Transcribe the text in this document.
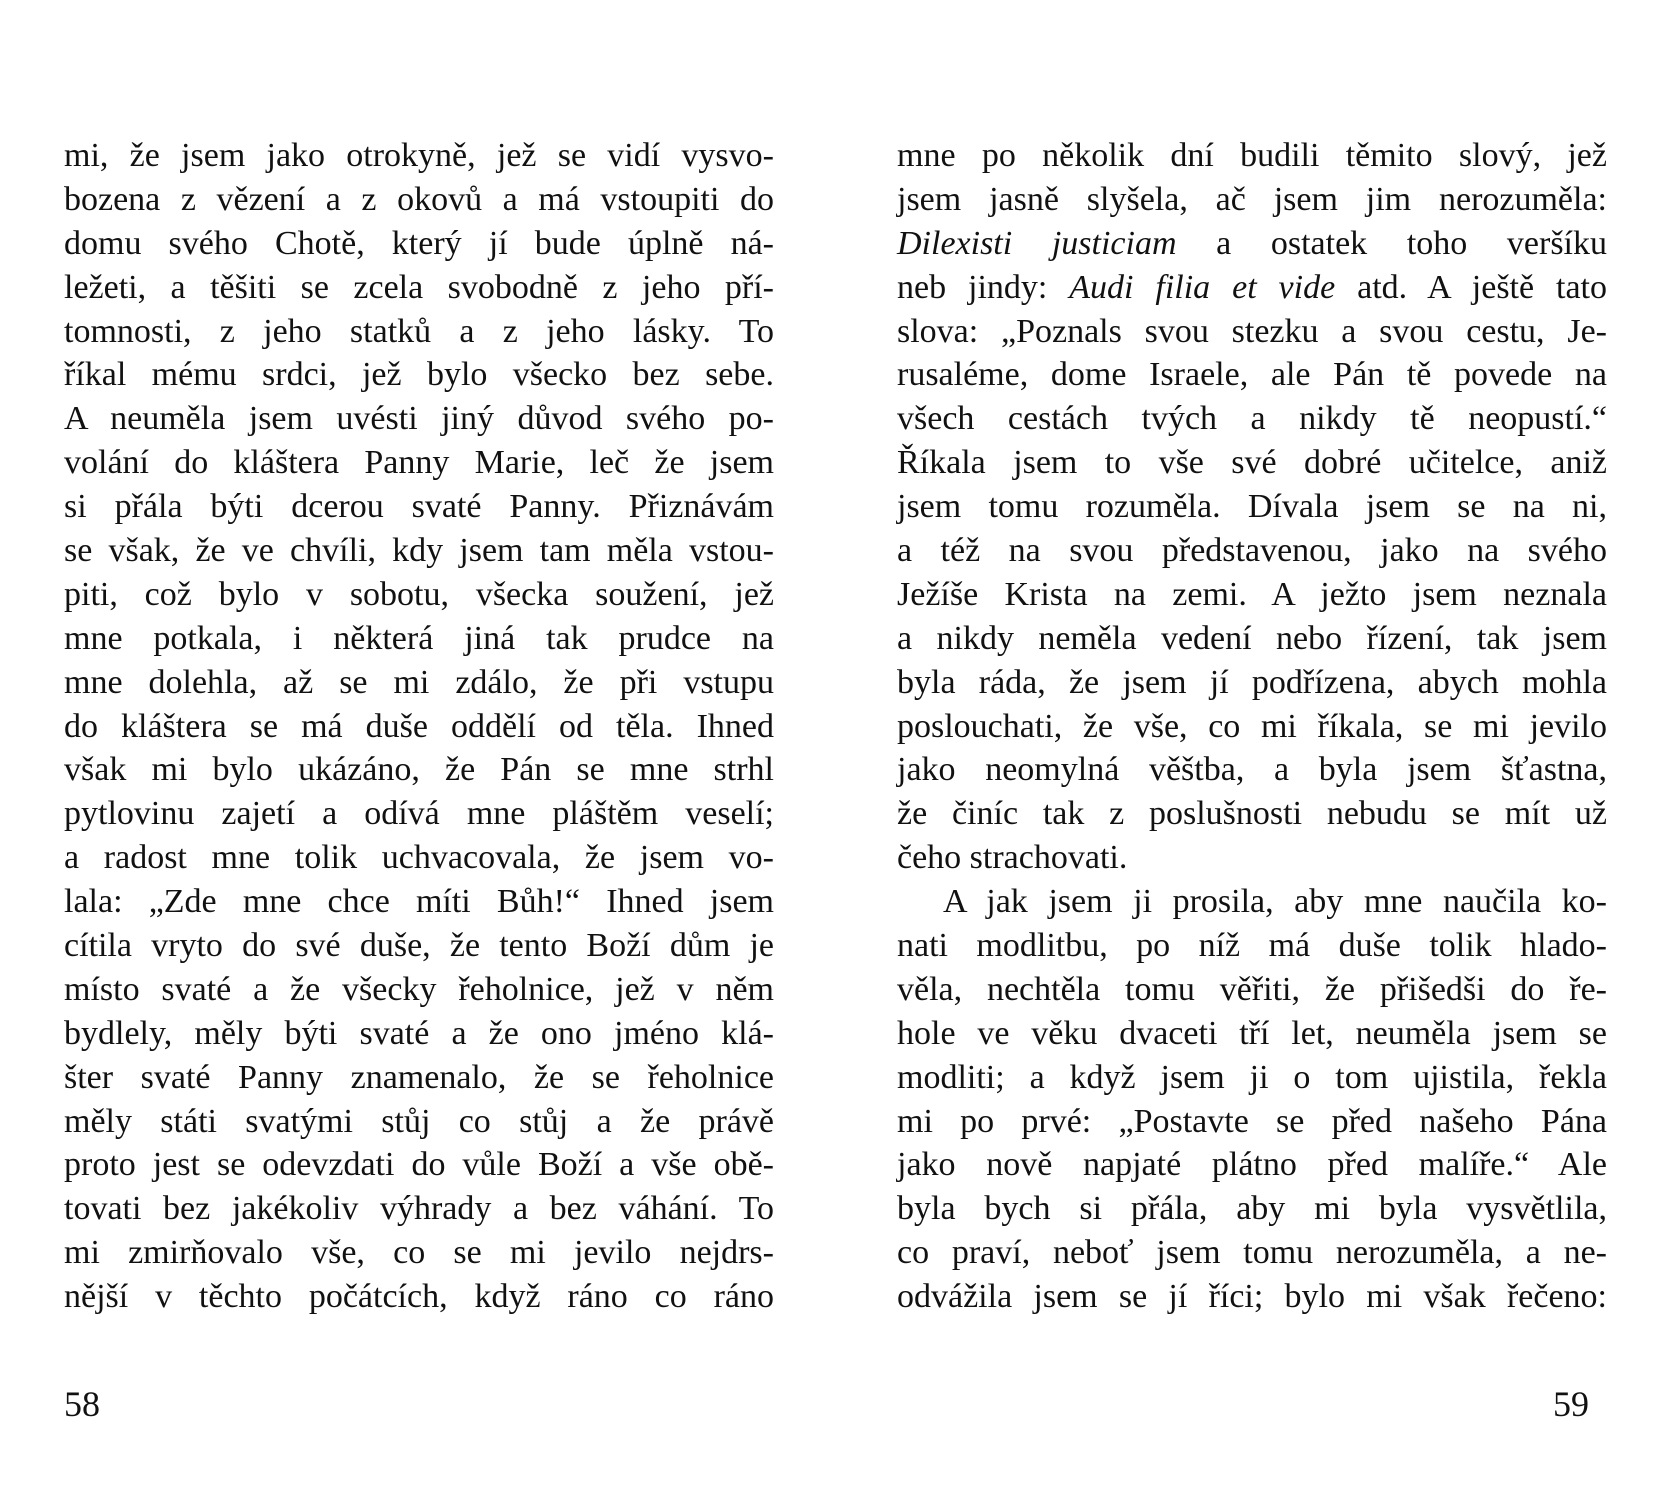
mi, že jsem jako otrokyně, jež se vidí vysvo-
bozena z vězení a z okovů a má vstoupiti do
domu svého Chotě, který jí bude úplně ná-
ležeti, a těšiti se zcela svobodně z jeho pří-
tomnosti, z jeho statků a z jeho lásky. To
říkal mému srdci, jež bylo všecko bez sebe.
A neuměla jsem uvésti jiný důvod svého po-
volání do kláštera Panny Marie, leč že jsem
si přála býti dcerou svaté Panny. Přiznávám
se však, že ve chvíli, kdy jsem tam měla vstou-
piti, což bylo v sobotu, všecka soužení, jež
mne potkala, i některá jiná tak prudce na
mne dolehla, až se mi zdálo, že při vstupu
do kláštera se má duše oddělí od těla. Ihned
však mi bylo ukázáno, že Pán se mne strhl
pytlovinu zajetí a odívá mne pláštěm veselí;
a radost mne tolik uchvacovala, že jsem vo-
lala: „Zde mne chce míti Bůh!“ Ihned jsem
cítila vryto do své duše, že tento Boží dům je
místo svaté a že všecky řeholnice, jež v něm
bydlely, měly býti svaté a že ono jméno klá-
šter svaté Panny znamenalo, že se řeholnice
měly státi svatými stůj co stůj a že právě
proto jest se odevzdati do vůle Boží a vše obě-
tovati bez jakékoliv výhrady a bez váhání. To
mi zmirňovalo vše, co se mi jevilo nejdrs-
nější v těchto počátcích, když ráno co ráno
58
mne po několik dní budili těmito slový, jež
jsem jasně slyšela, ač jsem jim nerozuměla:
Dilexisti justiciam a ostatek toho veršíku
neb jindy: Audi filia et vide atd. A ještě tato
slova: „Poznals svou stezku a svou cestu, Je-
rusaléme, dome Israele, ale Pán tě povede na
všech cestách tvých a nikdy tě neopustí.“
Říkala jsem to vše své dobré učitelce, aniž
jsem tomu rozuměla. Dívala jsem se na ni,
a též na svou představenou, jako na svého
Ježíše Krista na zemi. A ježto jsem neznala
a nikdy neměla vedení nebo řízení, tak jsem
byla ráda, že jsem jí podřízena, abych mohla
poslouchati, že vše, co mi říkala, se mi jevilo
jako neomylná věštba, a byla jsem šťastna,
že činíc tak z poslušnosti nebudu se mít už
čeho strachovati.
A jak jsem ji prosila, aby mne naučila ko-
nati modlitbu, po níž má duše tolik hlado-
věla, nechtěla tomu věřiti, že přišedši do ře-
hole ve věku dvaceti tří let, neuměla jsem se
modliti; a když jsem ji o tom ujistila, řekla
mi po prvé: „Postavte se před našeho Pána
jako nově napjaté plátno před malíře.“ Ale
byla bych si přála, aby mi byla vysvětlila,
co praví, neboť jsem tomu nerozuměla, a ne-
odvážila jsem se jí říci; bylo mi však řečeno:
59
